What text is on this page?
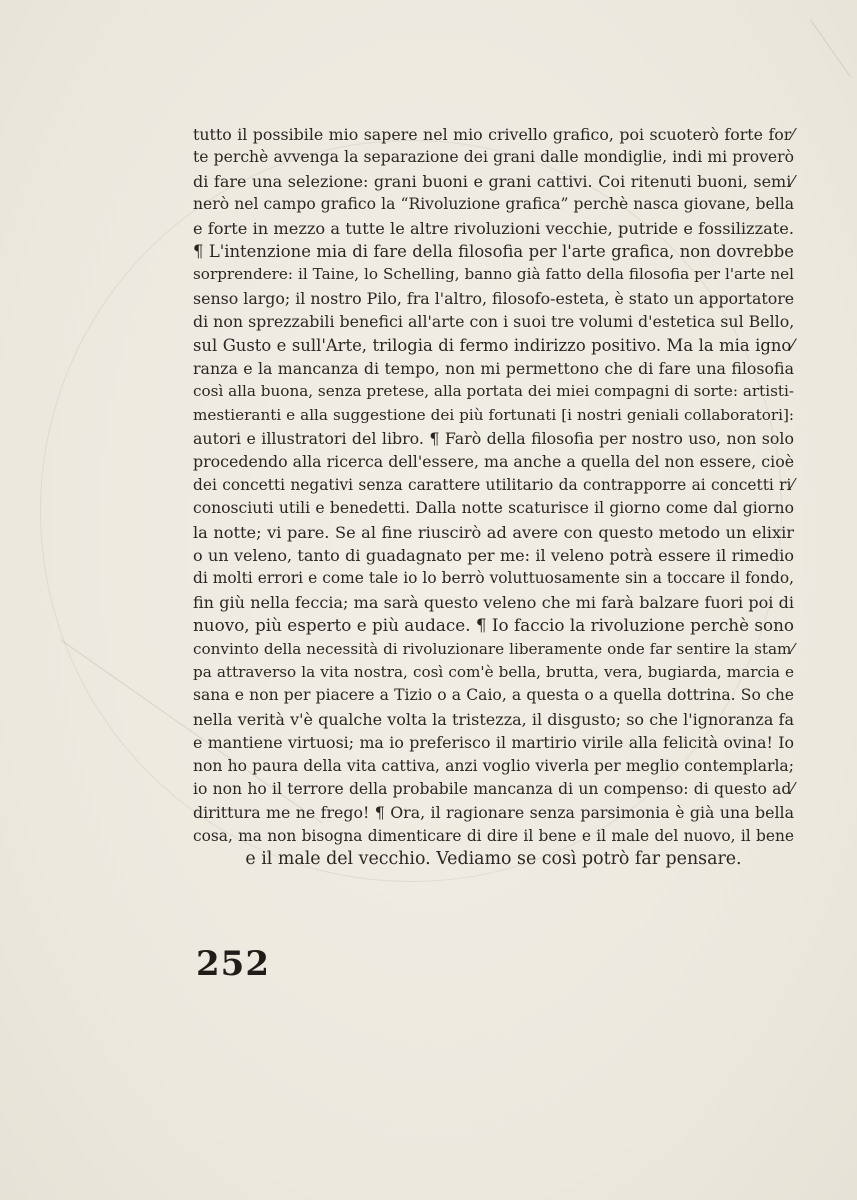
tutto il possibile mio sapere nel mio crivello grafico, poi scuoterò forte for⁄
te perchè avvenga la separazione dei grani dalle mondiglie, indi mi proverò
di fare una selezione: grani buoni e grani cattivi. Coi ritenuti buoni, semi⁄
nerò nel campo grafico la “Rivoluzione grafica” perchè nasca giovane, bella
e forte in mezzo a tutte le altre rivoluzioni vecchie, putride e fossilizzate.
¶ L'intenzione mia di fare della filosofia per l'arte grafica, non dovrebbe
sorprendere: il Taine, lo Schelling, banno già fatto della filosofia per l'arte nel
senso largo; il nostro Pilo, fra l'altro, filosofo-esteta, è stato un apportatore
di non sprezzabili benefici all'arte con i suoi tre volumi d'estetica sul Bello,
sul Gusto e sull'Arte, trilogia di fermo indirizzo positivo. Ma la mia igno⁄
ranza e la mancanza di tempo, non mi permettono che di fare una filosofia
così alla buona, senza pretese, alla portata dei miei compagni di sorte: artisti-
mestieranti e alla suggestione dei più fortunati [i nostri geniali collaboratori]:
autori e illustratori del libro. ¶ Farò della filosofia per nostro uso, non solo
procedendo alla ricerca dell'essere, ma anche a quella del non essere, cioè
dei concetti negativi senza carattere utilitario da contrapporre ai concetti ri⁄
conosciuti utili e benedetti. Dalla notte scaturisce il giorno come dal giorno
la notte; vi pare. Se al fine riuscirò ad avere con questo metodo un elixir
o un veleno, tanto di guadagnato per me: il veleno potrà essere il rimedio
di molti errori e come tale io lo berrò voluttuosamente sin a toccare il fondo,
fin giù nella feccia; ma sarà questo veleno che mi farà balzare fuori poi di
nuovo, più esperto e più audace. ¶ Io faccio la rivoluzione perchè sono
convinto della necessità di rivoluzionare liberamente onde far sentire la stam⁄
pa attraverso la vita nostra, così com'è bella, brutta, vera, bugiarda, marcia e
sana e non per piacere a Tizio o a Caio, a questa o a quella dottrina. So che
nella verità v'è qualche volta la tristezza, il disgusto; so che l'ignoranza fa
e mantiene virtuosi; ma io preferisco il martirio virile alla felicità ovina! Io
non ho paura della vita cattiva, anzi voglio viverla per meglio contemplarla;
io non ho il terrore della probabile mancanza di un compenso: di questo ad⁄
dirittura me ne frego! ¶ Ora, il ragionare senza parsimonia è già una bella
cosa, ma non bisogna dimenticare di dire il bene e il male del nuovo, il bene
e il male del vecchio. Vediamo se così potrò far pensare.
252
